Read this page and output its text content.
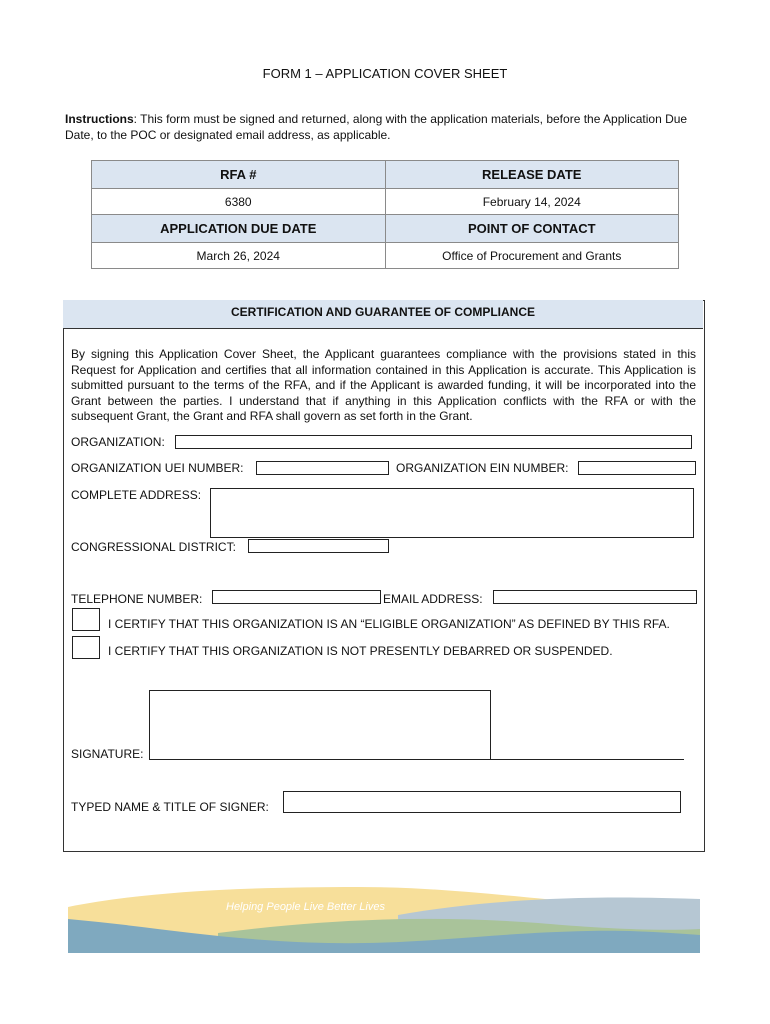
FORM 1 – APPLICATION COVER SHEET
Instructions: This form must be signed and returned, along with the application materials, before the Application Due Date, to the POC or designated email address, as applicable.
RFA #	RELEASE DATE
6380	February 14, 2024
APPLICATION DUE DATE	POINT OF CONTACT
March 26, 2024	Office of Procurement and Grants
CERTIFICATION AND GUARANTEE OF COMPLIANCE
By signing this Application Cover Sheet, the Applicant guarantees compliance with the provisions stated in this Request for Application and certifies that all information contained in this Application is accurate. This Application is submitted pursuant to the terms of the RFA, and if the Applicant is awarded funding, it will be incorporated into the Grant between the parties. I understand that if anything in this Application conflicts with the RFA or with the subsequent Grant, the Grant and RFA shall govern as set forth in the Grant.
ORGANIZATION:
ORGANIZATION UEI NUMBER:	ORGANIZATION EIN NUMBER:
COMPLETE ADDRESS:
CONGRESSIONAL DISTRICT:
TELEPHONE NUMBER:	EMAIL ADDRESS:
I CERTIFY THAT THIS ORGANIZATION IS AN “ELIGIBLE ORGANIZATION” AS DEFINED BY THIS RFA.
I CERTIFY THAT THIS ORGANIZATION IS NOT PRESENTLY DEBARRED OR SUSPENDED.
SIGNATURE:
TYPED NAME & TITLE OF SIGNER:
Helping People Live Better Lives
